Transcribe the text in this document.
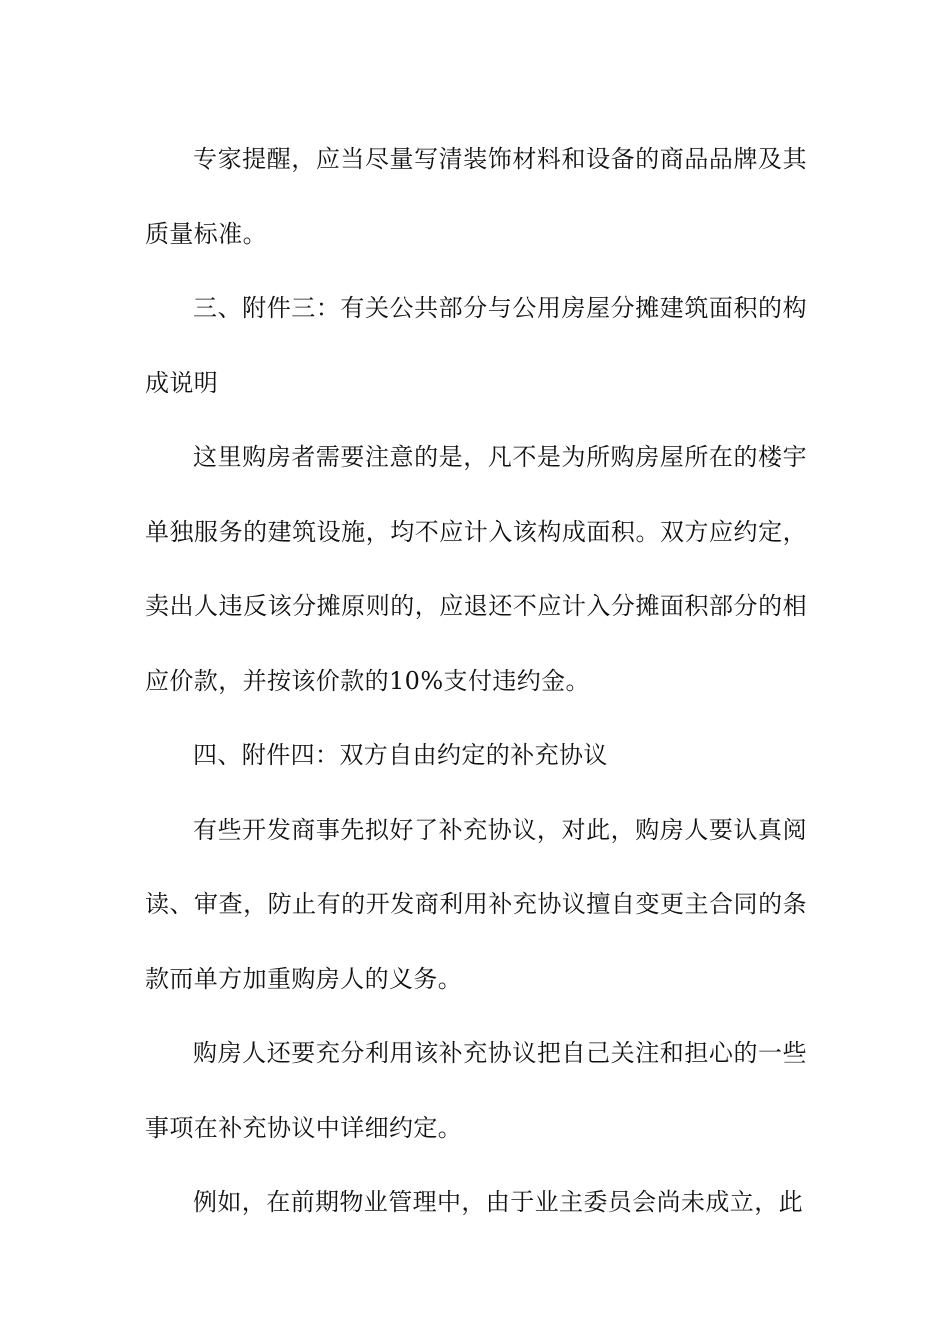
专家提醒，应当尽量写清装饰材料和设备的商品品牌及其质量标准。

三、附件三：有关公共部分与公用房屋分摊建筑面积的构成说明

这里购房者需要注意的是，凡不是为所购房屋所在的楼宇单独服务的建筑设施，均不应计入该构成面积。双方应约定，卖出人违反该分摊原则的，应退还不应计入分摊面积部分的相应价款，并按该价款的10%支付违约金。

四、附件四：双方自由约定的补充协议

有些开发商事先拟好了补充协议，对此，购房人要认真阅读、审查，防止有的开发商利用补充协议擅自变更主合同的条款而单方加重购房人的义务。

购房人还要充分利用该补充协议把自己关注和担心的一些事项在补充协议中详细约定。

例如，在前期物业管理中，由于业主委员会尚未成立，此
